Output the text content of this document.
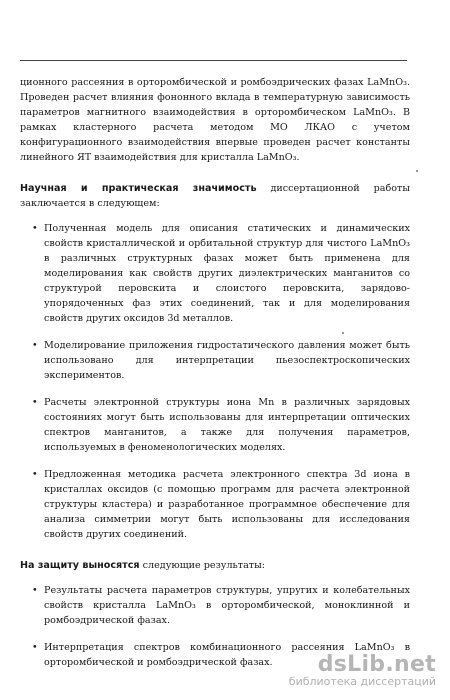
ционного рассеяния в орторомбической и ромбоэдрических фазах LaMnO₃. Проведен расчет влияния фононного вклада в температурную зависимость параметров магнитного взаимодействия в орторомбическом LaMnO₃. В рамках кластерного расчета методом МО ЛКАО с учетом конфигурационного взаимодействия впервые проведен расчет константы линейного ЯТ взаимодействия для кристалла LaMnO₃.

Научная и практическая значимость диссертационной работы заключается в следующем:

• Полученная модель для описания статических и динамических свойств кристаллической и орбитальной структур для чистого LaMnO₃ в различных структурных фазах может быть применена для моделирования как свойств других диэлектрических манганитов со структурой перовскита и слоистого перовскита, зарядово-упорядоченных фаз этих соединений, так и для моделирования свойств других оксидов 3d металлов.
• Моделирование приложения гидростатического давления может быть использовано для интерпретации пьезоспектроскопических экспериментов.
• Расчеты электронной структуры иона Mn в различных зарядовых состояниях могут быть использованы для интерпретации оптических спектров манганитов, а также для получения параметров, используемых в феноменологических моделях.
• Предложенная методика расчета электронного спектра 3d иона в кристаллах оксидов (с помощью программ для расчета электронной структуры кластера) и разработанное программное обеспечение для анализа симметрии могут быть использованы для исследования свойств других соединений.

На защиту выносятся следующие результаты:

• Результаты расчета параметров структуры, упругих и колебательных свойств кристалла LaMnO₃ в орторомбической, моноклинной и ромбоэдрической фазах.
• Интерпретация спектров комбинационного рассеяния LaMnO₃ в орторомбической и ромбоэдрической фазах.	dsLib.net
библиотека диссертаций
